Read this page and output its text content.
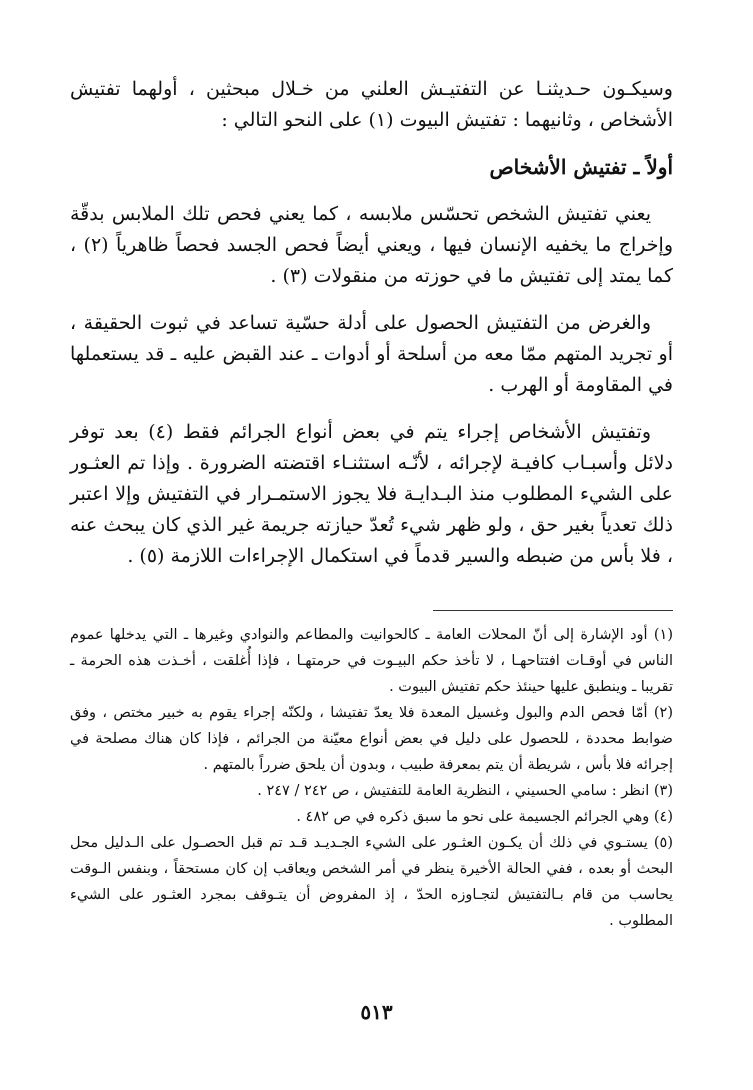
وسيكـون حـديثنـا عن التفتيـش العلني من خـلال مبحثين ، أولهما تفتيش الأشخاص ، وثانيهما : تفتيش البيوت (١) على النحو التالي :

أولاً ـ تفتيش الأشخاص

يعني تفتيش الشخص تحسّس ملابسه ، كما يعني فحص تلك الملابس بدقّة وإخراج ما يخفيه الإنسان فيها ، ويعني أيضاً فحص الجسد فحصاً ظاهرياً (٢) ، كما يمتد إلى تفتيش ما في حوزته من منقولات (٣) .

والغرض من التفتيش الحصول على أدلة حسّية تساعد في ثبوت الحقيقة ، أو تجريد المتهم ممّا معه من أسلحة أو أدوات ـ عند القبض عليه ـ قد يستعملها في المقاومة أو الهرب .

وتفتيش الأشخاص إجراء يتم في بعض أنواع الجرائم فقط (٤) بعد توفر دلائل وأسبـاب كافيـة لإجرائه ، لأنّـه استثنـاء اقتضته الضرورة . وإذا تم العثـور على الشيء المطلوب منذ البـدايـة فلا يجوز الاستمـرار في التفتيش وإلا اعتبر ذلك تعدياً بغير حق ، ولو ظهر شيء تُعدّ حيازته جريمة غير الذي كان يبحث عنه ، فلا بأس من ضبطه والسير قدماً في استكمال الإجراءات اللازمة (٥) .

(١) أود الإشارة إلى أنّ المحلات العامة ـ كالحوانيت والمطاعم والنوادي وغيرها ـ التي يدخلها عموم الناس في أوقـات افتتاحهـا ، لا تأخذ حكم البيـوت في حرمتهـا ، فإذا أُغلقت ، أخـذت هذه الحرمة ـ تقريبا ـ وينطبق عليها حينئذ حكم تفتيش البيوت .

(٢) أمّا فحص الدم والبول وغسيل المعدة فلا يعدّ تفتيشا ، ولكنّه إجراء يقوم به خبير مختص ، وفق ضوابط محددة ، للحصول على دليل في بعض أنواع معيّنة من الجرائم ، فإذا كان هناك مصلحة في إجرائه فلا بأس ، شريطة أن يتم بمعرفة طبيب ، وبدون أن يلحق ضرراً بالمتهم .

(٣) انظر : سامي الحسيني ، النظرية العامة للتفتيش ، ص ٢٤٢ / ٢٤٧ .

(٤) وهي الجرائم الجسيمة على نحو ما سبق ذكره في ص ٤٨٢ .

(٥) يستـوي في ذلك أن يكـون العثـور على الشيء الجـديـد قـد تم قبل الحصـول على الـدليل محل البحث أو بعده ، ففي الحالة الأخيرة ينظر في أمر الشخص ويعاقب إن كان مستحقاً ، وبنفس الـوقت يحاسب من قام بـالتفتيش لتجـاوزه الحدّ ، إذ المفروض أن يتـوقف بمجرد العثـور على الشيء المطلوب .

٥١٣
